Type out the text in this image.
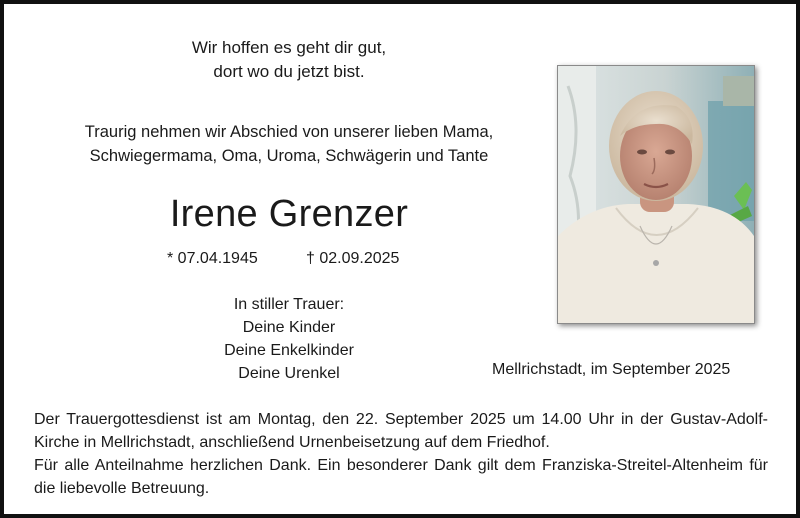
Wir hoffen es geht dir gut,
dort wo du jetzt bist.
Traurig nehmen wir Abschied von unserer lieben Mama,
Schwiegermama, Oma, Uroma, Schwägerin und Tante
Irene Grenzer
* 07.04.1945	† 02.09.2025
In stiller Trauer:
Deine Kinder
Deine Enkelkinder
Deine Urenkel	Mellrichstadt, im September 2025

Der Trauergottesdienst ist am Montag, den 22. September 2025 um 14.00 Uhr in der Gustav-Adolf-Kirche in Mellrichstadt, anschließend Urnenbeisetzung auf dem Friedhof.

Für alle Anteilnahme herzlichen Dank. Ein besonderer Dank gilt dem Franziska-Streitel-Altenheim für die liebevolle Betreuung.
